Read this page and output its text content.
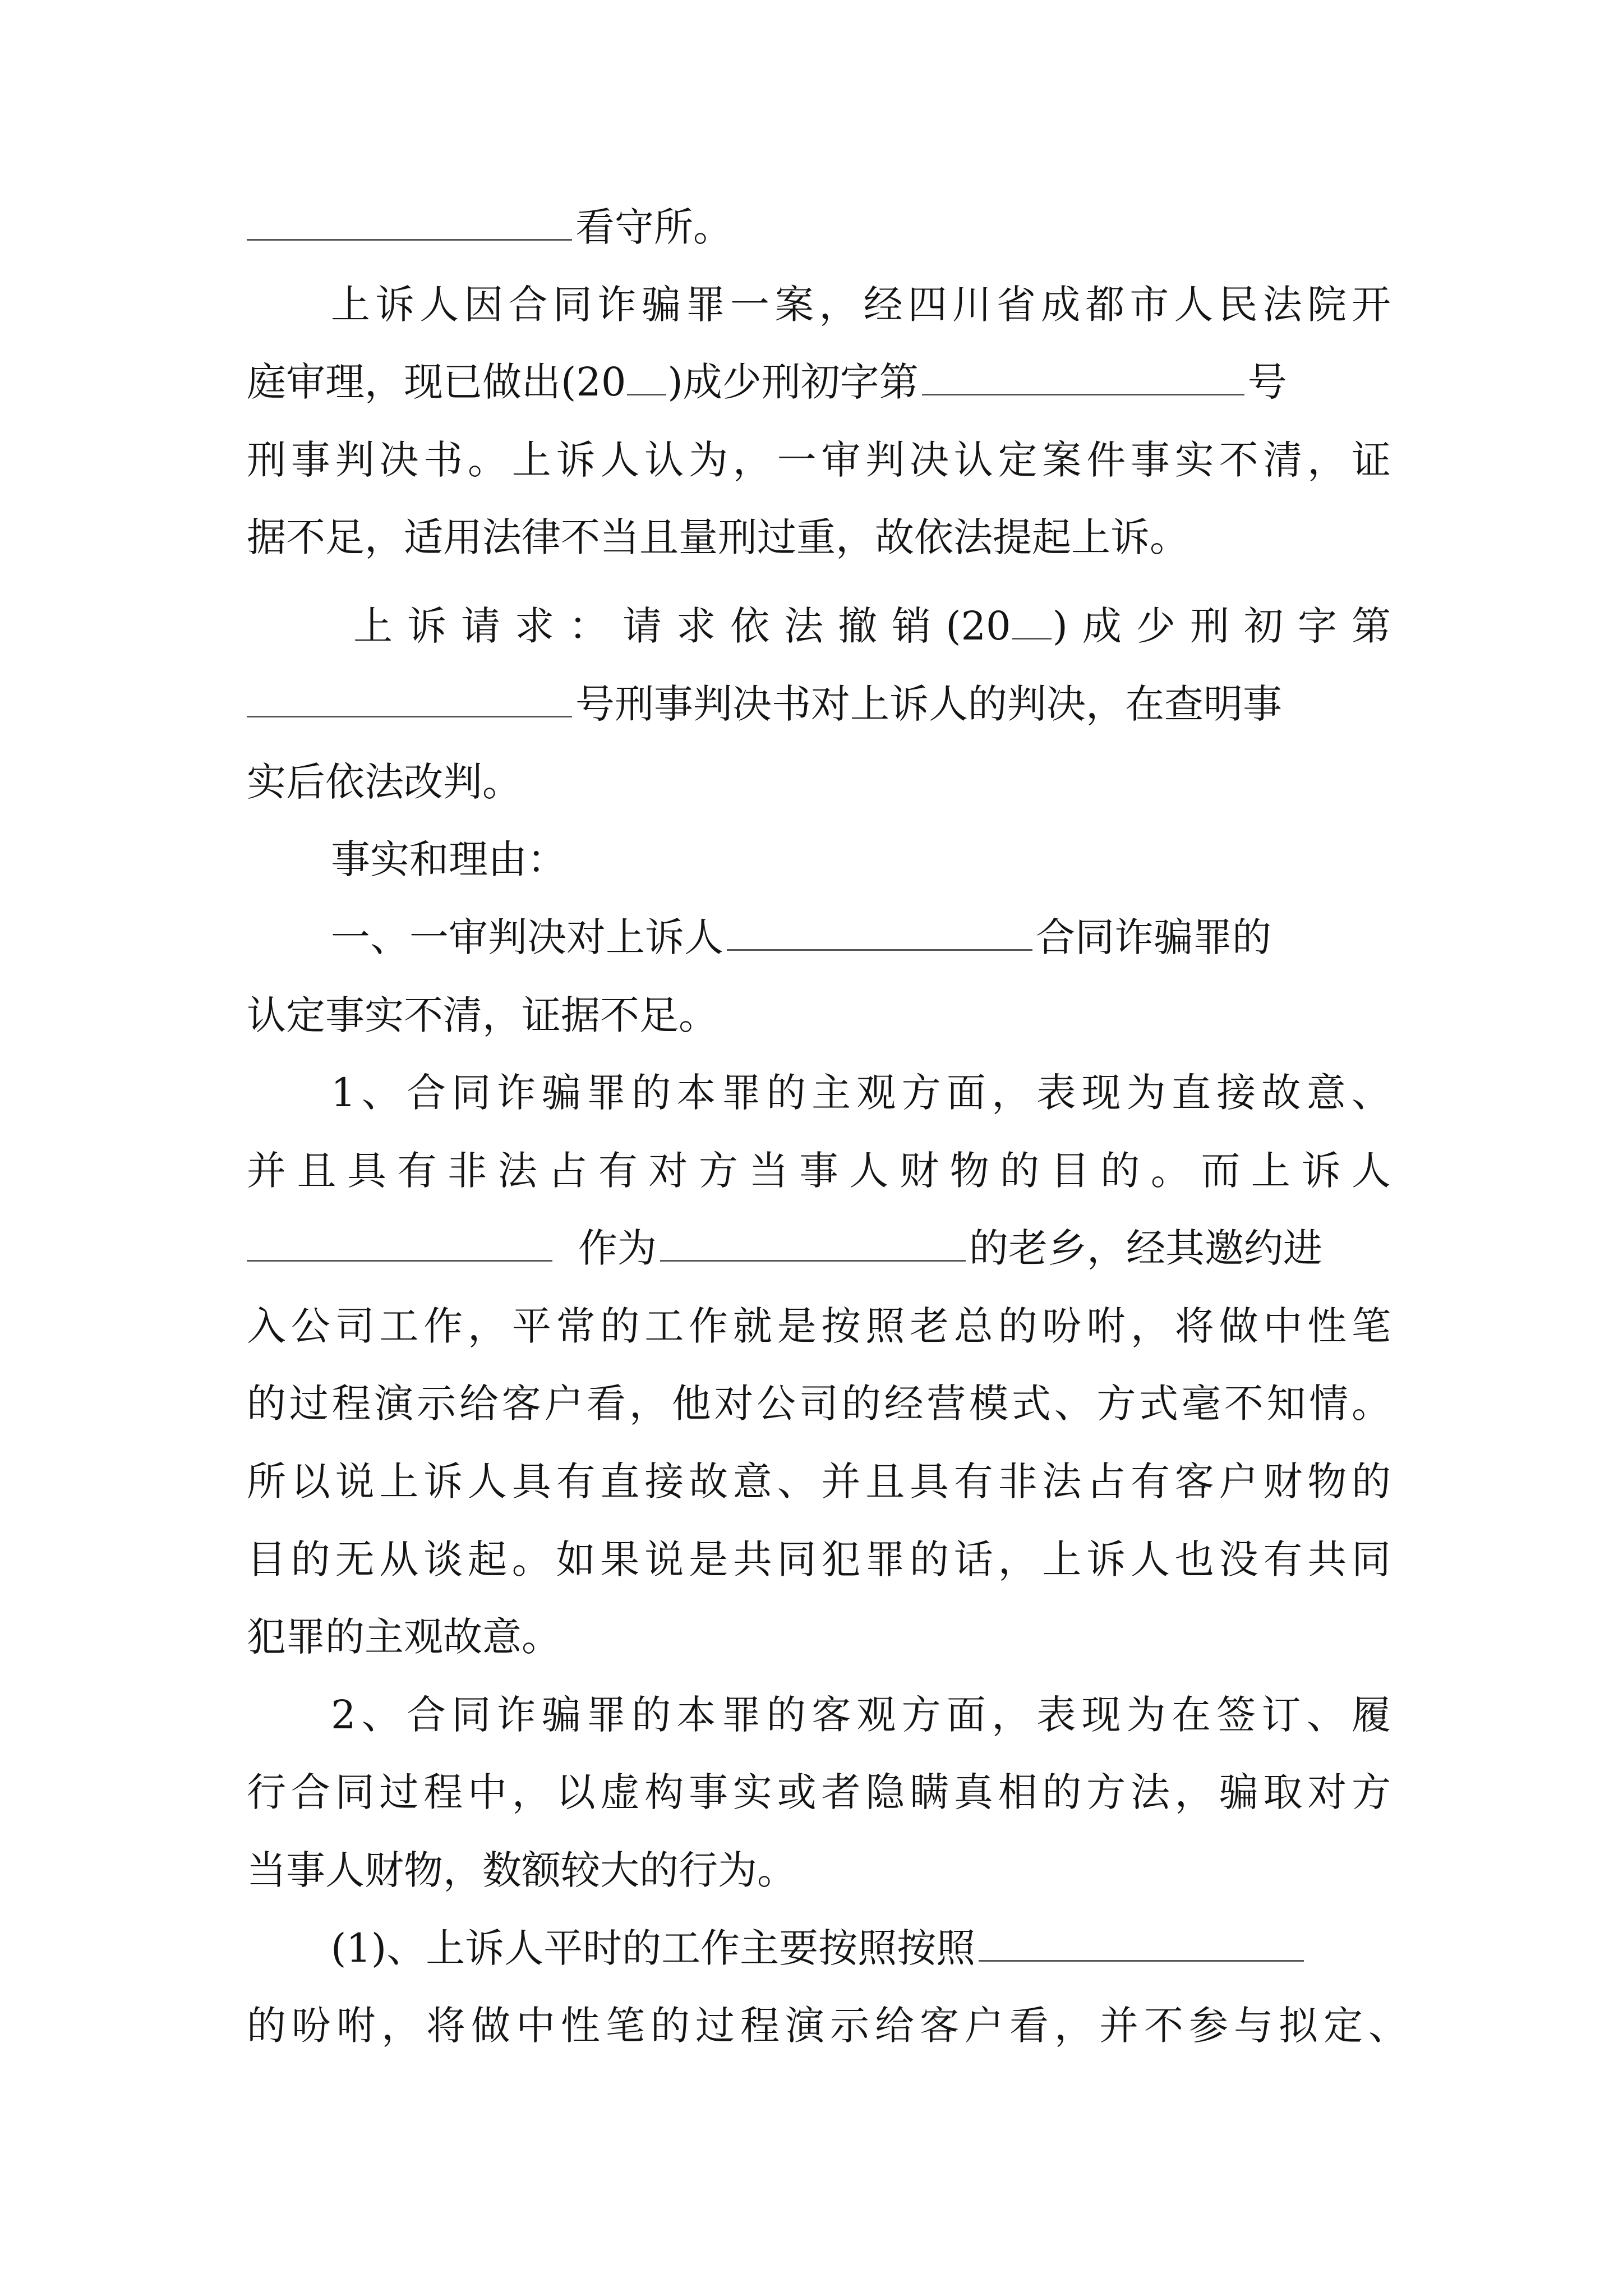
看守所。
上诉人因合同诈骗罪一案，经四川省成都市人民法院开
庭审理，现已做出(20 )成少刑初字第	号
刑事判决书。上诉人认为，一审判决认定案件事实不清，证
据不足，适用法律不当且量刑过重，故依法提起上诉。
上诉请求：请求依法撤销(20 )成少刑初字第
号刑事判决书对上诉人的判决，在查明事
实后依法改判。
事实和理由：
一、一审判决对上诉人	合同诈骗罪的
认定事实不清，证据不足。
1、合同诈骗罪的本罪的主观方面，表现为直接故意、
并且具有非法占有对方当事人财物的目的。而上诉人
作为	的老乡，经其邀约进
入公司工作，平常的工作就是按照老总的吩咐，将做中性笔
的过程演示给客户看，他对公司的经营模式、方式毫不知情。
所以说上诉人具有直接故意、并且具有非法占有客户财物的
目的无从谈起。如果说是共同犯罪的话，上诉人也没有共同
犯罪的主观故意。
2、合同诈骗罪的本罪的客观方面，表现为在签订、履
行合同过程中，以虚构事实或者隐瞒真相的方法，骗取对方
当事人财物，数额较大的行为。
(1)、上诉人平时的工作主要按照按照
的吩咐，将做中性笔的过程演示给客户看，并不参与拟定、
